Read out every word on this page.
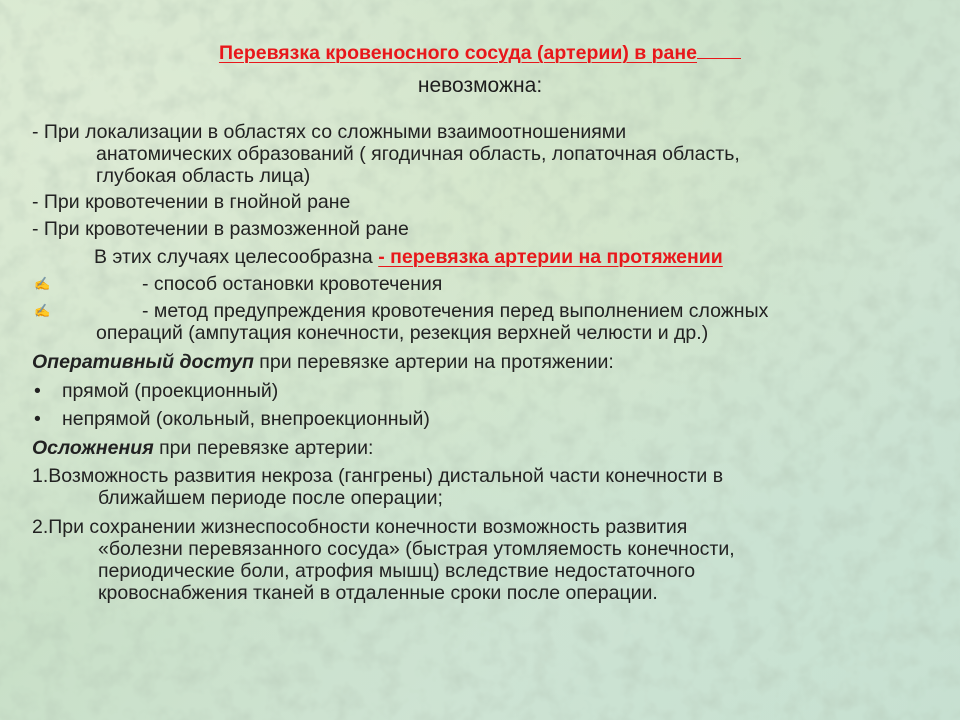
Перевязка кровеносного сосуда (артерии) в ране
невозможна:
- При локализации в областях со сложными взаимоотношениями
анатомических образований ( ягодичная область, лопаточная область,
глубокая область лица)
- При кровотечении в гнойной ране
- При кровотечении в размозженной ране
В этих случаях целесообразна - перевязка артерии на протяжении
✍	- способ остановки кровотечения
✍	- метод предупреждения кровотечения перед выполнением сложных
операций (ампутация конечности, резекция верхней челюсти и др.)
Оперативный доступ при перевязке артерии на протяжении:
• прямой (проекционный)
• непрямой (окольный, внепроекционный)
Осложнения при перевязке артерии:
1.Возможность развития некроза (гангрены) дистальной части конечности в
ближайшем периоде после операции;
2.При сохранении жизнеспособности конечности возможность развития
«болезни перевязанного сосуда» (быстрая утомляемость конечности,
периодические боли, атрофия мышц) вследствие недостаточного
кровоснабжения тканей в отдаленные сроки после операции.
